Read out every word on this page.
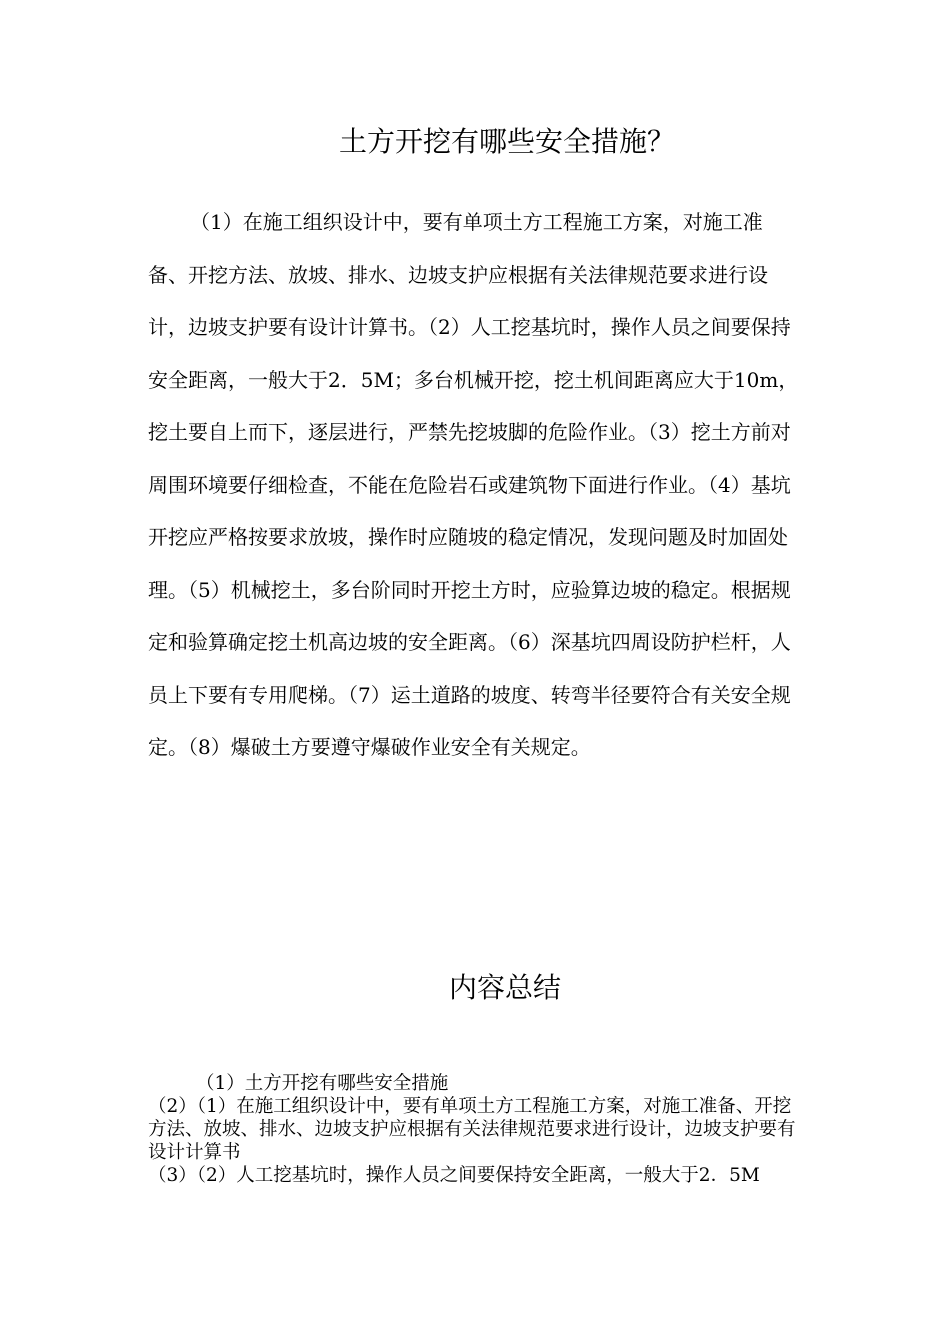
土方开挖有哪些安全措施？

（1）在施工组织设计中，要有单项土方工程施工方案，对施工准备、开挖方法、放坡、排水、边坡支护应根据有关法律规范要求进行设计，边坡支护要有设计计算书。（2）人工挖基坑时，操作人员之间要保持安全距离，一般大于2．5M；多台机械开挖，挖土机间距离应大于10m，挖土要自上而下，逐层进行，严禁先挖坡脚的危险作业。（3）挖土方前对周围环境要仔细检查，不能在危险岩石或建筑物下面进行作业。（4）基坑开挖应严格按要求放坡，操作时应随坡的稳定情况，发现问题及时加固处理。（5）机械挖土，多台阶同时开挖土方时，应验算边坡的稳定。根据规定和验算确定挖土机高边坡的安全距离。（6）深基坑四周设防护栏杆，人员上下要有专用爬梯。（7）运土道路的坡度、转弯半径要符合有关安全规定。（8）爆破土方要遵守爆破作业安全有关规定。

内容总结

（1）土方开挖有哪些安全措施

（2）（1）在施工组织设计中，要有单项土方工程施工方案，对施工准备、开挖方法、放坡、排水、边坡支护应根据有关法律规范要求进行设计，边坡支护要有设计计算书

（3）（2）人工挖基坑时，操作人员之间要保持安全距离，一般大于2．5M
